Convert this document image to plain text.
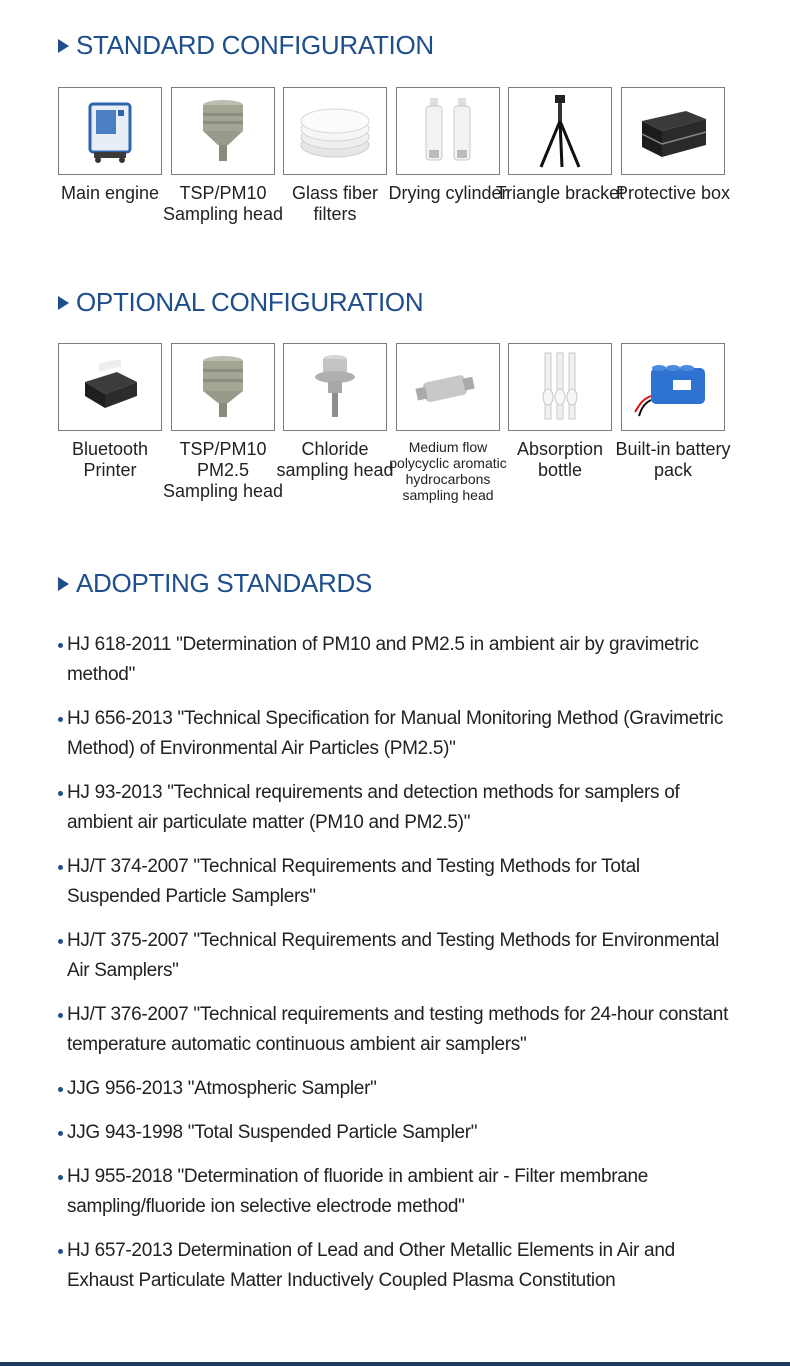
STANDARD CONFIGURATION
Main engine	TSP/PM10 Sampling head
Glass fiber filters
Drying cylinder
Triangle bracket
Protective box
OPTIONAL CONFIGURATION
Bluetooth Printer
TSP/PM10 PM2.5 Sampling head
Chloride sampling head
Medium flow polycyclic aromatic hydrocarbons sampling head
Absorption bottle
Built-in battery pack
ADOPTING STANDARDS
HJ 618-2011 "Determination of PM10 and PM2.5 in ambient air by gravimetric method"
HJ 656-2013 "Technical Specification for Manual Monitoring Method (Gravimetric Method) of Environmental Air Particles (PM2.5)"
HJ 93-2013 "Technical requirements and detection methods for samplers of ambient air particulate matter (PM10 and PM2.5)"
HJ/T 374-2007 "Technical Requirements and Testing Methods for Total Suspended Particle Samplers"
HJ/T 375-2007 "Technical Requirements and Testing Methods for Environmental Air Samplers"
HJ/T 376-2007 "Technical requirements and testing methods for 24-hour constant temperature automatic continuous ambient air samplers"
JJG 956-2013 "Atmospheric Sampler"
JJG 943-1998 "Total Suspended Particle Sampler"
HJ 955-2018 "Determination of fluoride in ambient air - Filter membrane sampling/fluoride ion selective electrode method"
HJ 657-2013 Determination of Lead and Other Metallic Elements in Air and Exhaust Particulate Matter Inductively Coupled Plasma Constitution
